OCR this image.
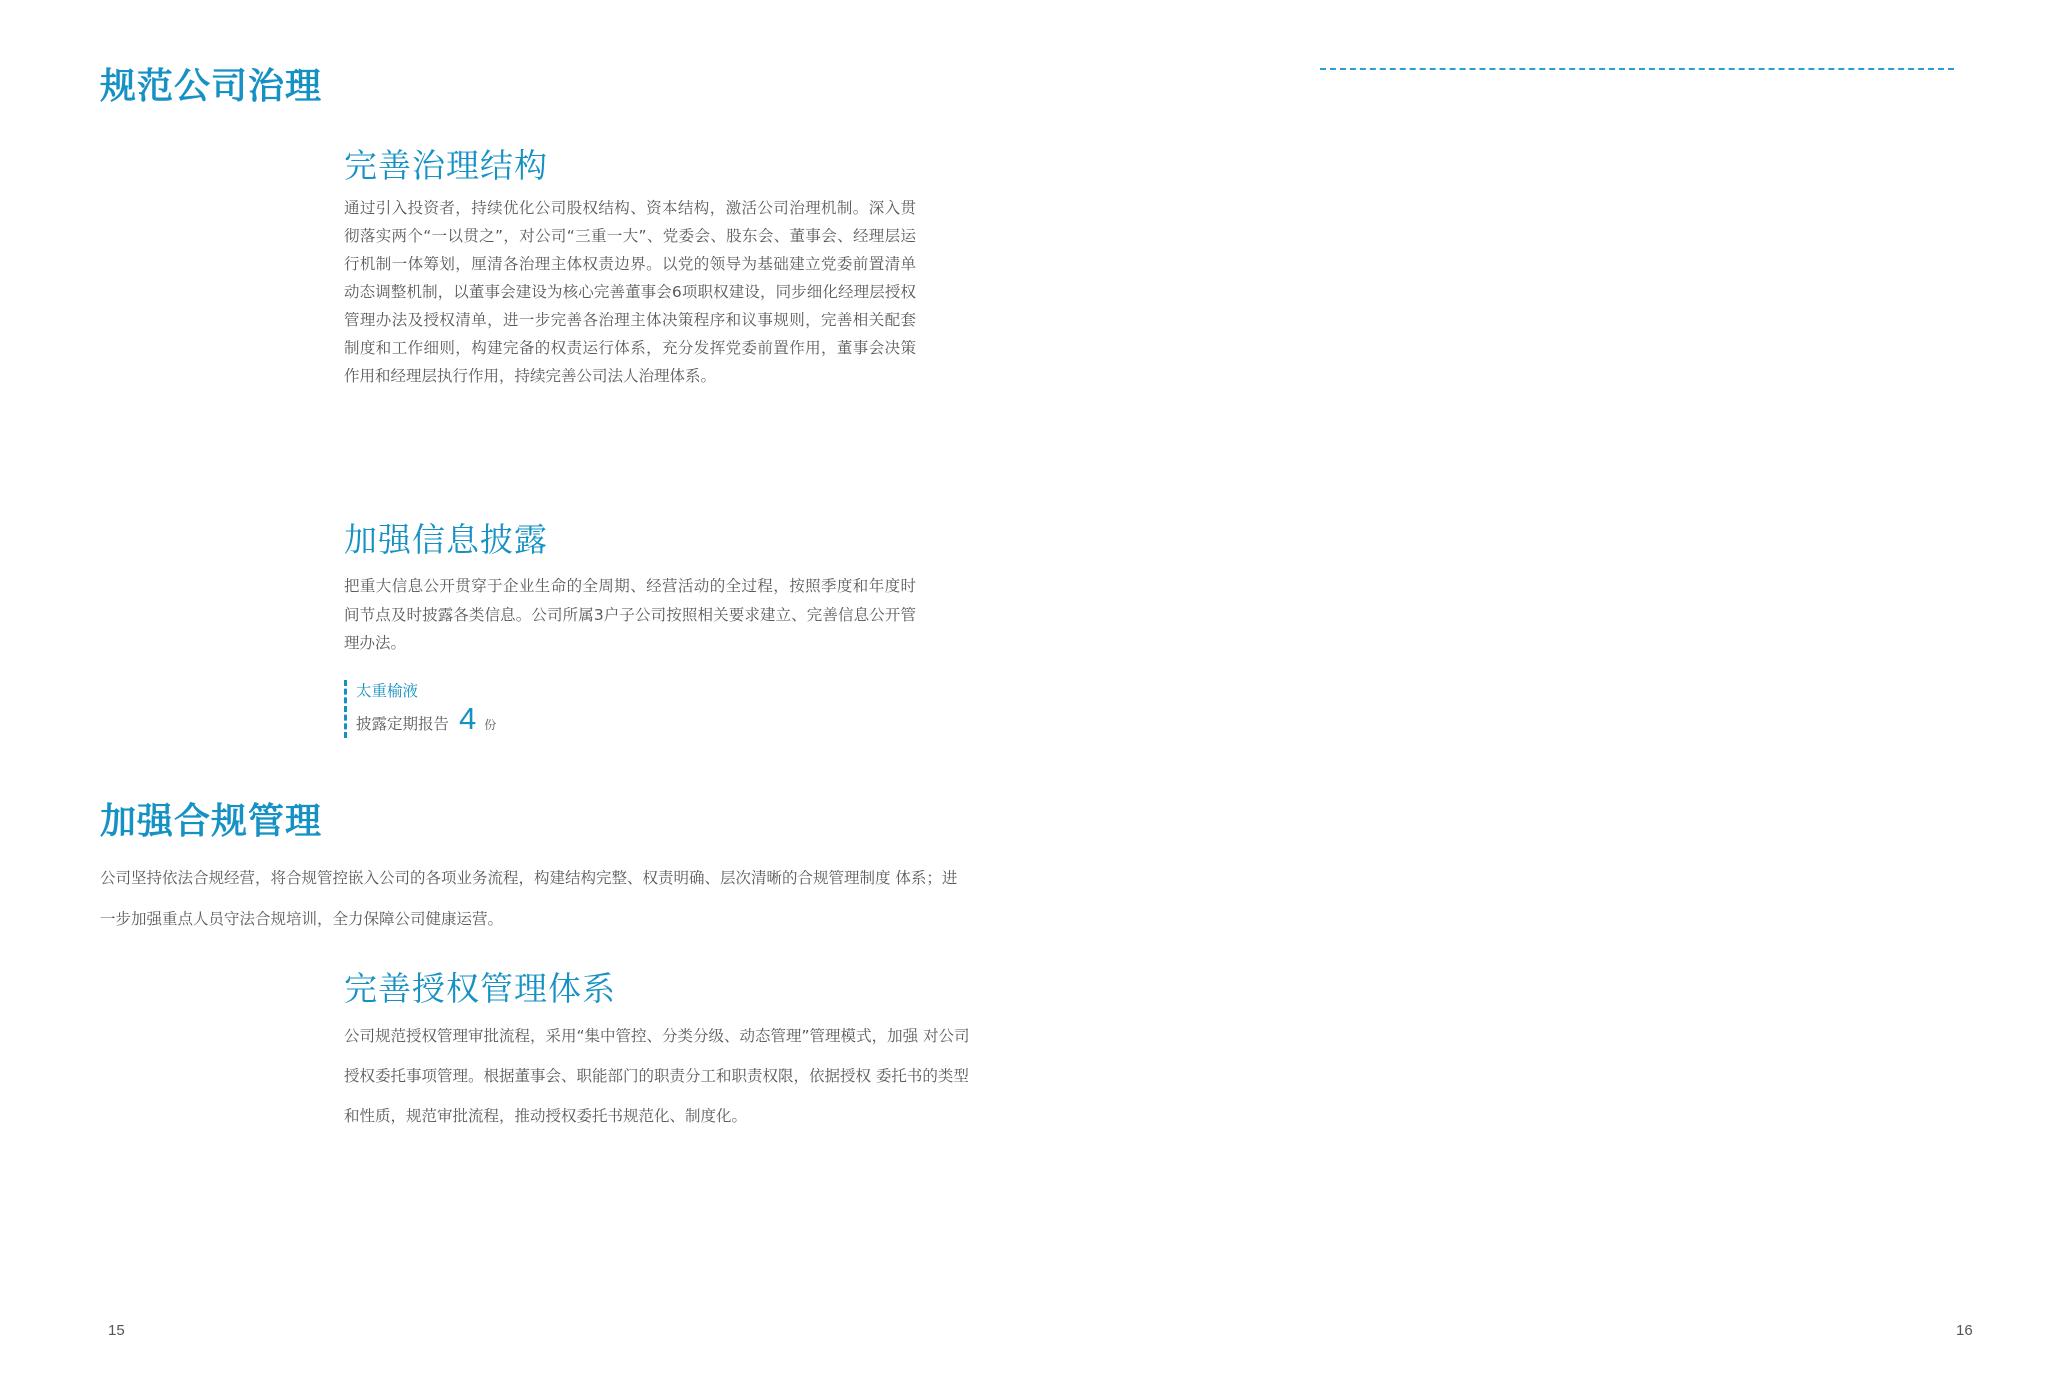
规范公司治理
完善治理结构

通过引入投资者，持续优化公司股权结构、资本结构，激活公司治理机制。深入贯彻落实两个“一以贯之”，对公司“三重一大”、党委会、股东会、董事会、经理层运行机制一体筹划，厘清各治理主体权责边界。以党的领导为基础建立党委前置清单动态调整机制，以董事会建设为核心完善董事会6项职权建设，同步细化经理层授权管理办法及授权清单，进一步完善各治理主体决策程序和议事规则，完善相关配套制度和工作细则，构建完备的权责运行体系，充分发挥党委前置作用，董事会决策作用和经理层执行作用，持续完善公司法人治理体系。

加强信息披露

把重大信息公开贯穿于企业生命的全周期、经营活动的全过程，按照季度和年度时间节点及时披露各类信息。公司所属3户子公司按照相关要求建立、完善信息公开管理办法。

太重榆液
披露定期报告 4 份
加强合规管理

公司坚持依法合规经营，将合规管控嵌入公司的各项业务流程，构建结构完整、权责明确、层次清晰的合规管理制度 体系；进一步加强重点人员守法合规培训，全力保障公司健康运营。

完善授权管理体系

公司规范授权管理审批流程，采用“集中管控、分类分级、动态管理”管理模式，加强 对公司授权委托事项管理。根据董事会、职能部门的职责分工和职责权限，依据授权 委托书的类型和性质，规范审批流程，推动授权委托书规范化、制度化。

15	16
